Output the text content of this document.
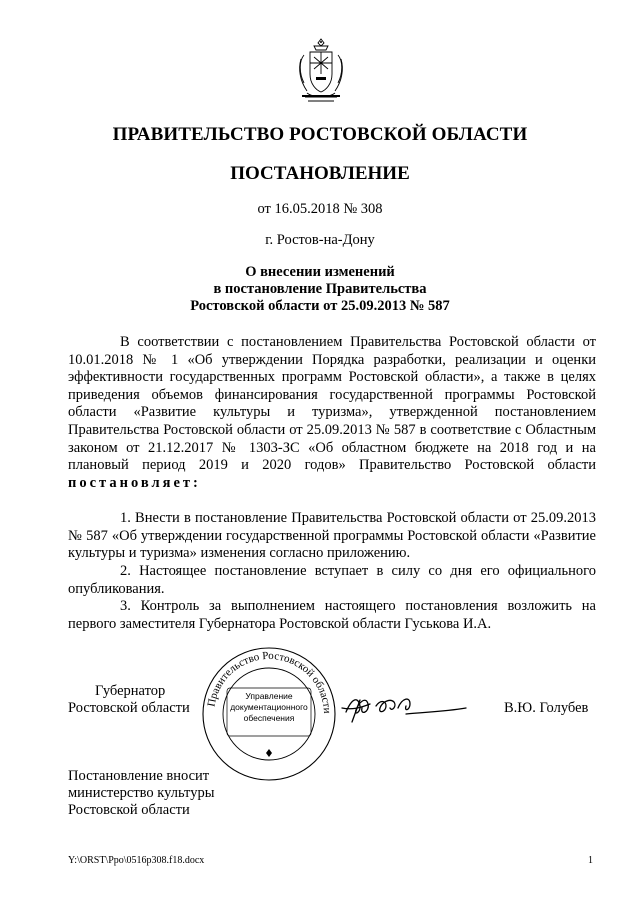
ПРАВИТЕЛЬСТВО РОСТОВСКОЙ ОБЛАСТИ
ПОСТАНОВЛЕНИЕ
от 16.05.2018 № 308
г. Ростов-на-Дону
О внесении изменений
в постановление Правительства
Ростовской области от 25.09.2013 № 587
В соответствии с постановлением Правительства Ростовской области от 10.01.2018 № 1 «Об утверждении Порядка разработки, реализации и оценки эффективности государственных программ Ростовской области», а также в целях приведения объемов финансирования государственной программы Ростовской области «Развитие культуры и туризма», утвержденной постановлением Правительства Ростовской области от 25.09.2013 № 587 в соответствие с Областным законом от 21.12.2017 № 1303-ЗС «Об областном бюджете на 2018 год и на плановый период 2019 и 2020 годов» Правительство Ростовской области постановляет:
1. Внести в постановление Правительства Ростовской области от 25.09.2013 № 587 «Об утверждении государственной программы Ростовской области «Развитие культуры и туризма» изменения согласно приложению.
2. Настоящее постановление вступает в силу со дня его официального опубликования.
3. Контроль за выполнением настоящего постановления возложить на первого заместителя Губернатора Ростовской области Гуськова И.А.
Губернатор
Ростовской области Правительство Ростовской области
Управление документационного обеспечения
В.Ю. Голубев
Постановление вносит
министерство культуры
Ростовской области
Y:\ORST\Ppo\0516p308.f18.docx	1
